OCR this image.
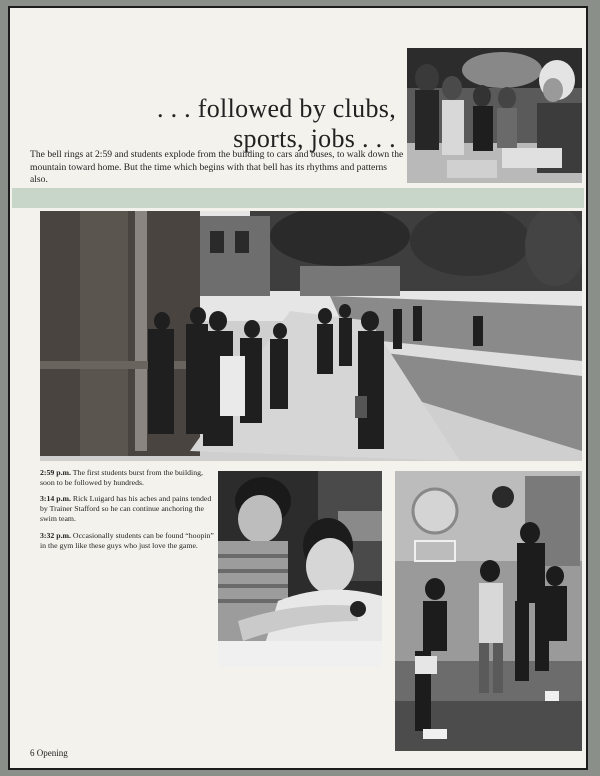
. . . followed by clubs,
sports, jobs . . .
The bell rings at 2:59 and students explode from the building to cars and buses, to walk down the mountain toward home. But the time which begins with that bell has its rhythms and patterns also.
2:59 p.m. The first students burst from the building, soon to be followed by hundreds.
3:14 p.m. Rick Luigard has his aches and pains tended by Trainer Stafford so he can continue anchoring the swim team.
3:32 p.m. Occasionally students can be found “hoopin” in the gym like these guys who just love the game.
6 Opening
